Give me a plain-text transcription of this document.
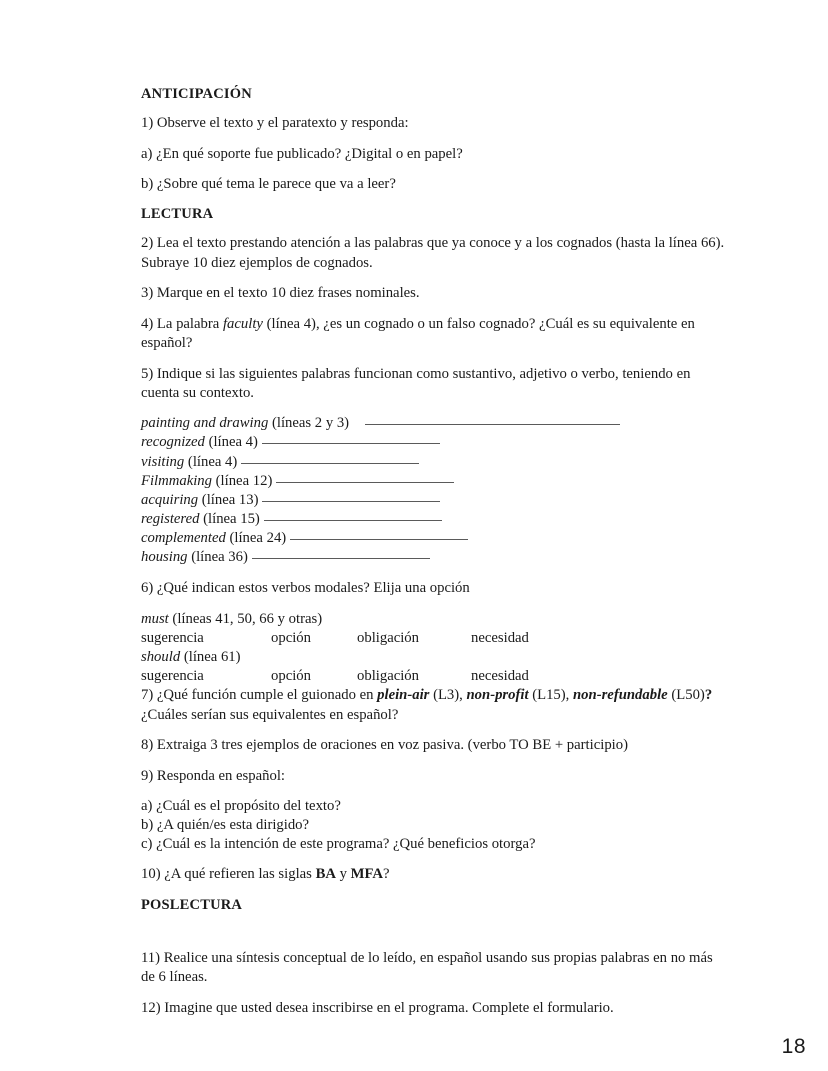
ANTICIPACIÓN

1) Observe el texto y el paratexto y responda:

a) ¿En qué soporte fue publicado? ¿Digital o en papel?

b) ¿Sobre qué tema le parece que va a leer?

LECTURA

2) Lea el texto prestando atención a las palabras que ya conoce y a los cognados (hasta la línea 66). Subraye 10 diez ejemplos de cognados.

3) Marque en el texto 10 diez frases nominales.

4) La palabra faculty (línea 4), ¿es un cognado o un falso cognado? ¿Cuál es su equivalente en español?

5) Indique si las siguientes palabras funcionan como sustantivo, adjetivo o verbo, teniendo en cuenta su contexto.

painting and drawing (líneas 2 y 3)
recognized (línea 4)
visiting (línea 4)
Filmmaking (línea 12)
acquiring (línea 13)
registered (línea 15)
complemented (línea 24)
housing (línea 36)

6) ¿Qué indican estos verbos modales? Elija una opción

must (líneas 41, 50, 66 y otras)

sugerencia	opción	obligación	necesidad

should (línea 61)

sugerencia	opción	obligación	necesidad

7) ¿Qué función cumple el guionado en plein-air (L3), non-profit (L15), non-refundable (L50)?

¿Cuáles serían sus equivalentes en español?

8) Extraiga 3 tres ejemplos de oraciones en voz pasiva. (verbo TO BE + participio)

9) Responda en español:

a) ¿Cuál es el propósito del texto?

b) ¿A quién/es esta dirigido?

c) ¿Cuál es la intención de este programa? ¿Qué beneficios otorga?

10) ¿A qué refieren las siglas BA y MFA?

POSLECTURA

11) Realice una síntesis conceptual de lo leído, en español usando sus propias palabras en no más de 6 líneas.

12) Imagine que usted desea inscribirse en el programa. Complete el formulario.

18
